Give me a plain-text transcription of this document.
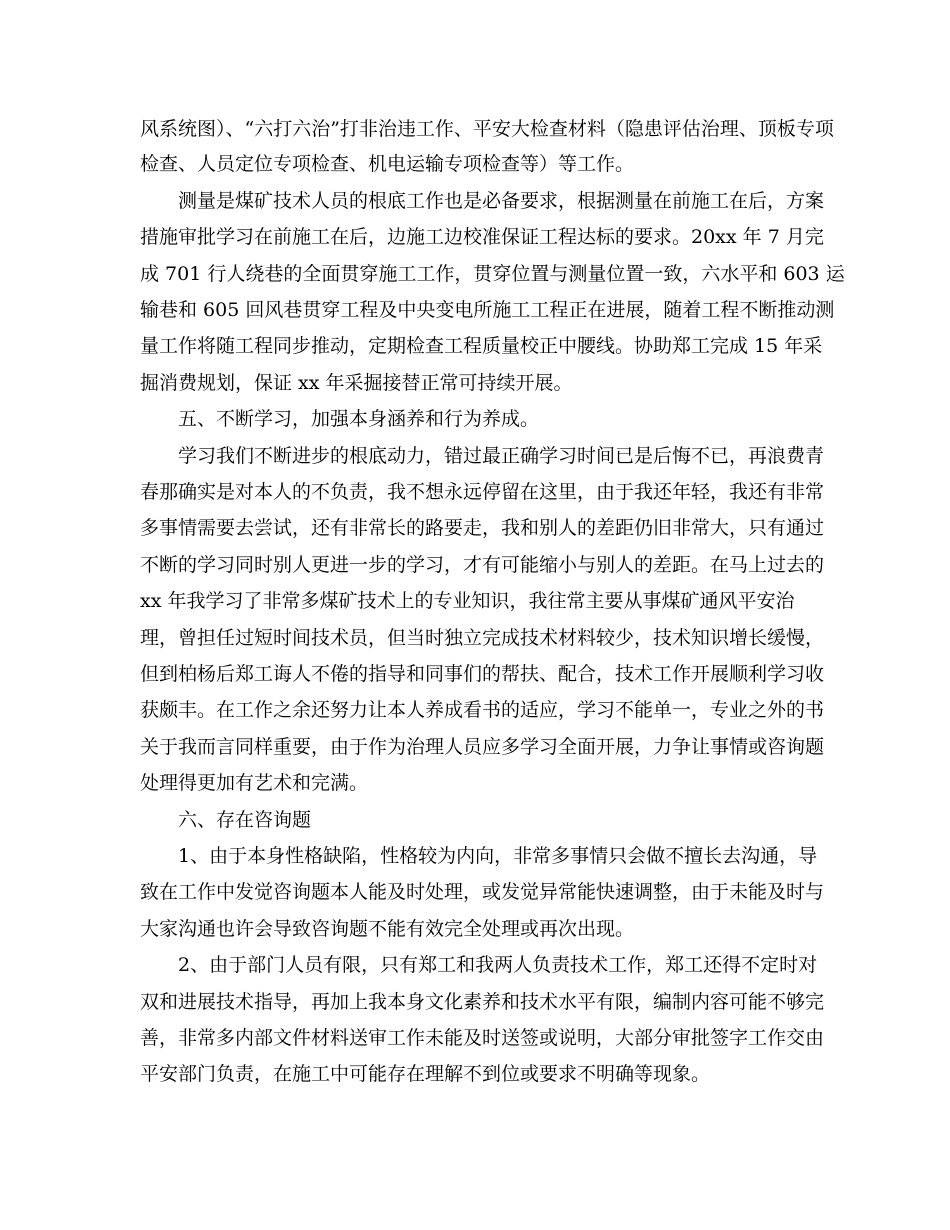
风系统图）、“六打六治”打非治违工作、平安大检查材料（隐患评估治理、顶板专项
检查、人员定位专项检查、机电运输专项检查等）等工作。
测量是煤矿技术人员的根底工作也是必备要求，根据测量在前施工在后，方案
措施审批学习在前施工在后，边施工边校准保证工程达标的要求。20xx 年 7 月完
成 701 行人绕巷的全面贯穿施工工作，贯穿位置与测量位置一致，六水平和 603 运
输巷和 605 回风巷贯穿工程及中央变电所施工工程正在进展，随着工程不断推动测
量工作将随工程同步推动，定期检查工程质量校正中腰线。协助郑工完成 15 年采
掘消费规划，保证 xx 年采掘接替正常可持续开展。
五、不断学习，加强本身涵养和行为养成。
学习我们不断进步的根底动力，错过最正确学习时间已是后悔不已，再浪费青
春那确实是对本人的不负责，我不想永远停留在这里，由于我还年轻，我还有非常
多事情需要去尝试，还有非常长的路要走，我和别人的差距仍旧非常大，只有通过
不断的学习同时别人更进一步的学习，才有可能缩小与别人的差距。在马上过去的
xx 年我学习了非常多煤矿技术上的专业知识，我往常主要从事煤矿通风平安治
理，曾担任过短时间技术员，但当时独立完成技术材料较少，技术知识增长缓慢，
但到柏杨后郑工诲人不倦的指导和同事们的帮扶、配合，技术工作开展顺利学习收
获颇丰。在工作之余还努力让本人养成看书的适应，学习不能单一，专业之外的书
关于我而言同样重要，由于作为治理人员应多学习全面开展，力争让事情或咨询题
处理得更加有艺术和完满。
六、存在咨询题
1、由于本身性格缺陷，性格较为内向，非常多事情只会做不擅长去沟通，导
致在工作中发觉咨询题本人能及时处理，或发觉异常能快速调整，由于未能及时与
大家沟通也许会导致咨询题不能有效完全处理或再次出现。
2、由于部门人员有限，只有郑工和我两人负责技术工作，郑工还得不定时对
双和进展技术指导，再加上我本身文化素养和技术水平有限，编制内容可能不够完
善，非常多内部文件材料送审工作未能及时送签或说明，大部分审批签字工作交由
平安部门负责，在施工中可能存在理解不到位或要求不明确等现象。
